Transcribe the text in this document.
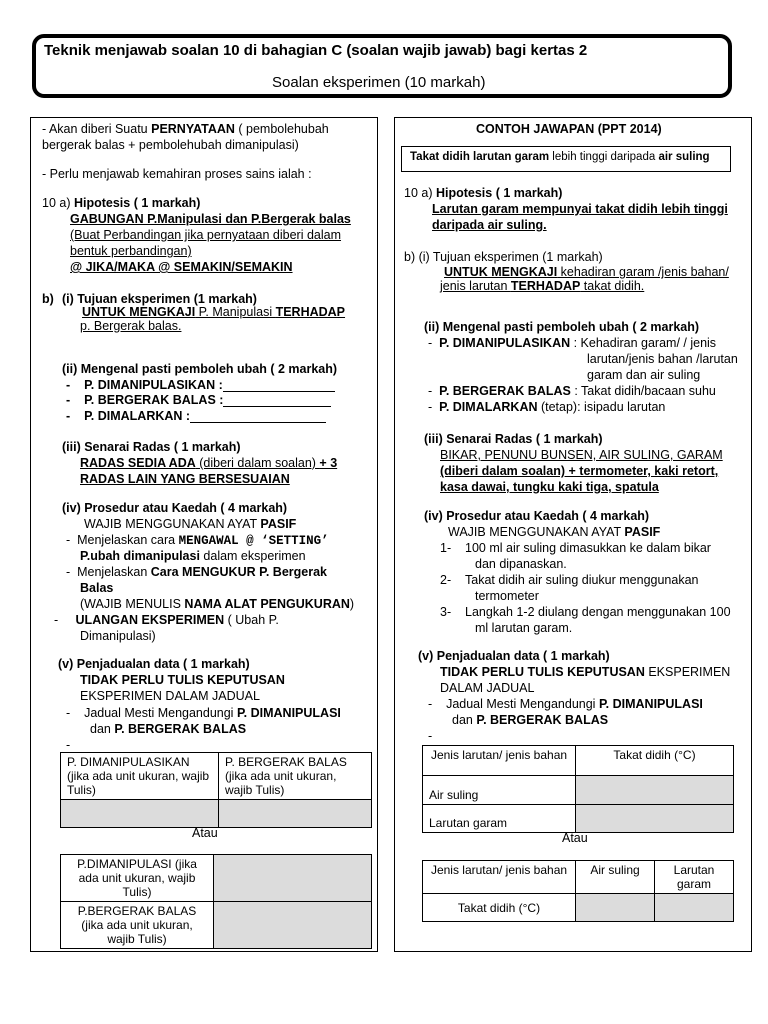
Teknik menjawab soalan 10 di bahagian C (soalan wajib jawab) bagi kertas 2
Soalan eksperimen (10 markah)
- Akan diberi Suatu PERNYATAAN ( pembolehubah
bergerak balas + pembolehubah dimanipulasi)
- Perlu menjawab kemahiran proses sains ialah :
10 a) Hipotesis ( 1 markah)
GABUNGAN P.Manipulasi dan P.Bergerak balas
(Buat Perbandingan jika pernyataan diberi dalam
bentuk perbandingan)
@ JIKA/MAKA @ SEMAKIN/SEMAKIN
b) (i) Tujuan eksperimen (1 markah)
UNTUK MENGKAJI P. Manipulasi TERHADAP
p. Bergerak balas.
(ii) Mengenal pasti pemboleh ubah ( 2 markah)
-    P. DIMANIPULASIKAN :
-    P. BERGERAK BALAS :
-    P. DIMALARKAN :
(iii) Senarai Radas ( 1 markah)
RADAS SEDIA ADA (diberi dalam soalan) + 3
RADAS LAIN YANG BERSESUAIAN
(iv) Prosedur atau Kaedah ( 4 markah)
WAJIB MENGGUNAKAN AYAT PASIF
-  Menjelaskan cara MENGAWAL @ ‘SETTING’
P.ubah dimanipulasi dalam eksperimen
-  Menjelaskan Cara MENGUKUR P. Bergerak
Balas
(WAJIB MENULIS NAMA ALAT PENGUKURAN)
-     ULANGAN EKSPERIMEN ( Ubah P.
Dimanipulasi)
(v) Penjadualan data ( 1 markah)
TIDAK PERLU TULIS KEPUTUSAN
EKSPERIMEN DALAM JADUAL
-    Jadual Mesti Mengandungi P. DIMANIPULASI
dan P. BERGERAK BALAS
-
P. DIMANIPULASIKAN (jika ada unit ukuran, wajib Tulis)	P. BERGERAK BALAS (jika ada unit ukuran, wajib Tulis)

Atau
P.DIMANIPULASI (jika ada unit ukuran, wajib Tulis)	
P.BERGERAK BALAS (jika ada unit ukuran, wajib Tulis)	
CONTOH JAWAPAN (PPT 2014)
Takat didih larutan garam lebih tinggi daripada air suling
10 a) Hipotesis ( 1 markah)
Larutan garam mempunyai takat didih lebih tinggi
daripada air suling.
b) (i) Tujuan eksperimen (1 markah)
UNTUK MENGKAJI kehadiran garam /jenis bahan/
jenis larutan TERHADAP takat didih.
(ii) Mengenal pasti pemboleh ubah ( 2 markah)
-  P. DIMANIPULASIKAN : Kehadiran garam/ / jenis
larutan/jenis bahan /larutan
garam dan air suling
-  P. BERGERAK BALAS : Takat didih/bacaan suhu
-  P. DIMALARKAN (tetap): isipadu larutan
(iii) Senarai Radas ( 1 markah)
BIKAR, PENUNU BUNSEN, AIR SULING, GARAM
(diberi dalam soalan) + termometer, kaki retort,
kasa dawai, tungku kaki tiga, spatula
(iv) Prosedur atau Kaedah ( 4 markah)
WAJIB MENGGUNAKAN AYAT PASIF
1-    100 ml air suling dimasukkan ke dalam bikar
dan dipanaskan.
2-    Takat didih air suling diukur menggunakan
termometer
3-    Langkah 1-2 diulang dengan menggunakan 100
ml larutan garam.
(v) Penjadualan data ( 1 markah)
TIDAK PERLU TULIS KEPUTUSAN EKSPERIMEN
DALAM JADUAL
-    Jadual Mesti Mengandungi P. DIMANIPULASI
dan P. BERGERAK BALAS
-
Jenis larutan/ jenis bahan	Takat didih (°C)
Air suling	
Larutan garam	
Atau
Jenis larutan/ jenis bahan	Air suling	Larutan garam
Takat didih (°C)		
